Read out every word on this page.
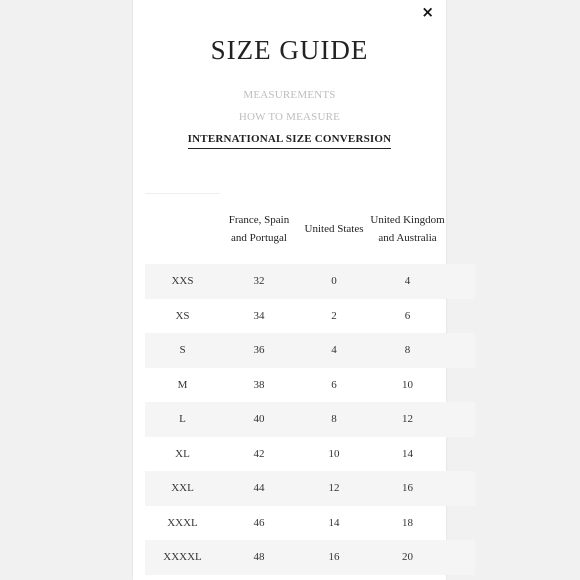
×
SIZE GUIDE
MEASUREMENTS
HOW TO MEASURE
INTERNATIONAL SIZE CONVERSION
	France, Spain and Portugal	United States	United Kingdom and Australia	

XXS	32	0	4	
XS	34	2	6	
S	36	4	8	
M	38	6	10	
L	40	8	12	
XL	42	10	14	
XXL	44	12	16	
XXXL	46	14	18	
XXXXL	48	16	20	
